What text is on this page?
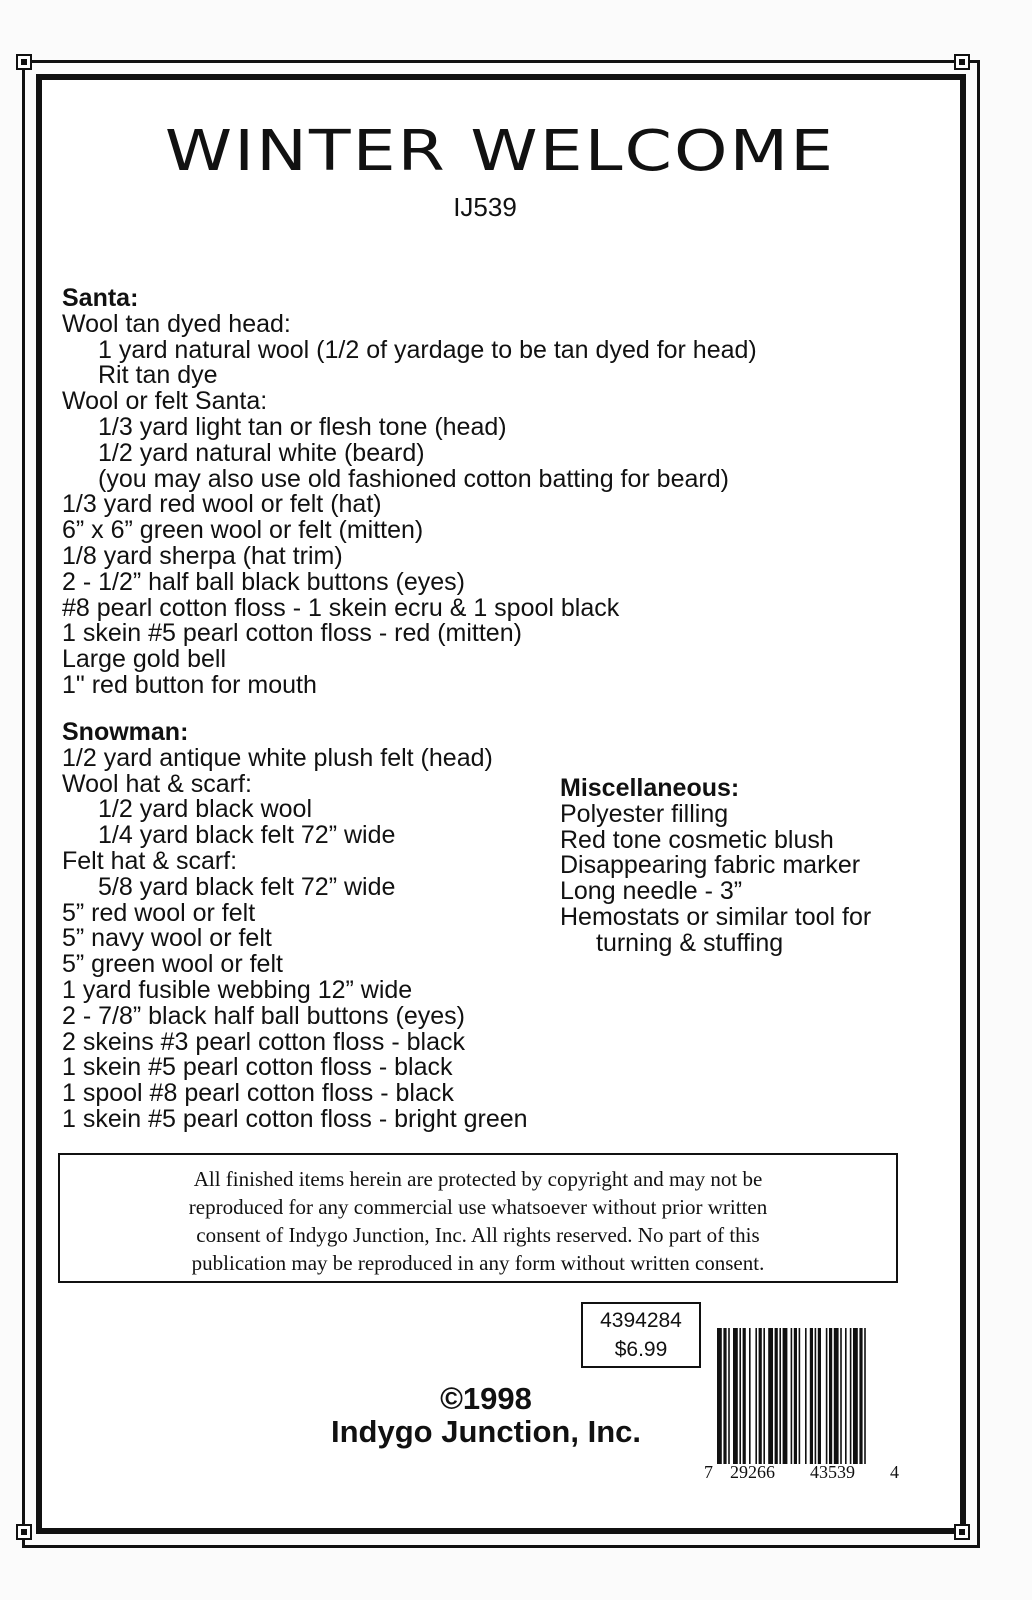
WINTER WELCOME
IJ539
Santa:
Wool tan dyed head:
1 yard natural wool (1/2 of yardage to be tan dyed for head)
Rit tan dye
Wool or felt Santa:
1/3 yard light tan or flesh tone (head)
1/2 yard natural white (beard)
(you may also use old fashioned cotton batting for beard)
1/3 yard red wool or felt (hat)
6” x 6” green wool or felt (mitten)
1/8 yard sherpa (hat trim)
2 - 1/2” half ball black buttons (eyes)
#8 pearl cotton floss - 1 skein ecru & 1 spool black
1 skein #5 pearl cotton floss - red (mitten)
Large gold bell
1" red button for mouth
Snowman:
1/2 yard antique white plush felt (head)
Wool hat & scarf:
1/2 yard black wool
1/4 yard black felt 72” wide
Felt hat & scarf:
5/8 yard black felt 72” wide
5” red wool or felt
5” navy wool or felt
5” green wool or felt
1 yard fusible webbing 12” wide
2 - 7/8” black half ball buttons (eyes)
2 skeins #3 pearl cotton floss - black
1 skein #5 pearl cotton floss - black
1 spool #8 pearl cotton floss - black
1 skein #5 pearl cotton floss - bright green
Miscellaneous:
Polyester filling
Red tone cosmetic blush
Disappearing fabric marker
Long needle - 3”
Hemostats or similar tool for
turning & stuffing
All finished items herein are protected by copyright and may not be
reproduced for any commercial use whatsoever without prior written
consent of Indygo Junction, Inc. All rights reserved. No part of this
publication may be reproduced in any form without written consent.
4394284
$6.99
7 29266 43539 4
©1998
Indygo Junction, Inc.
